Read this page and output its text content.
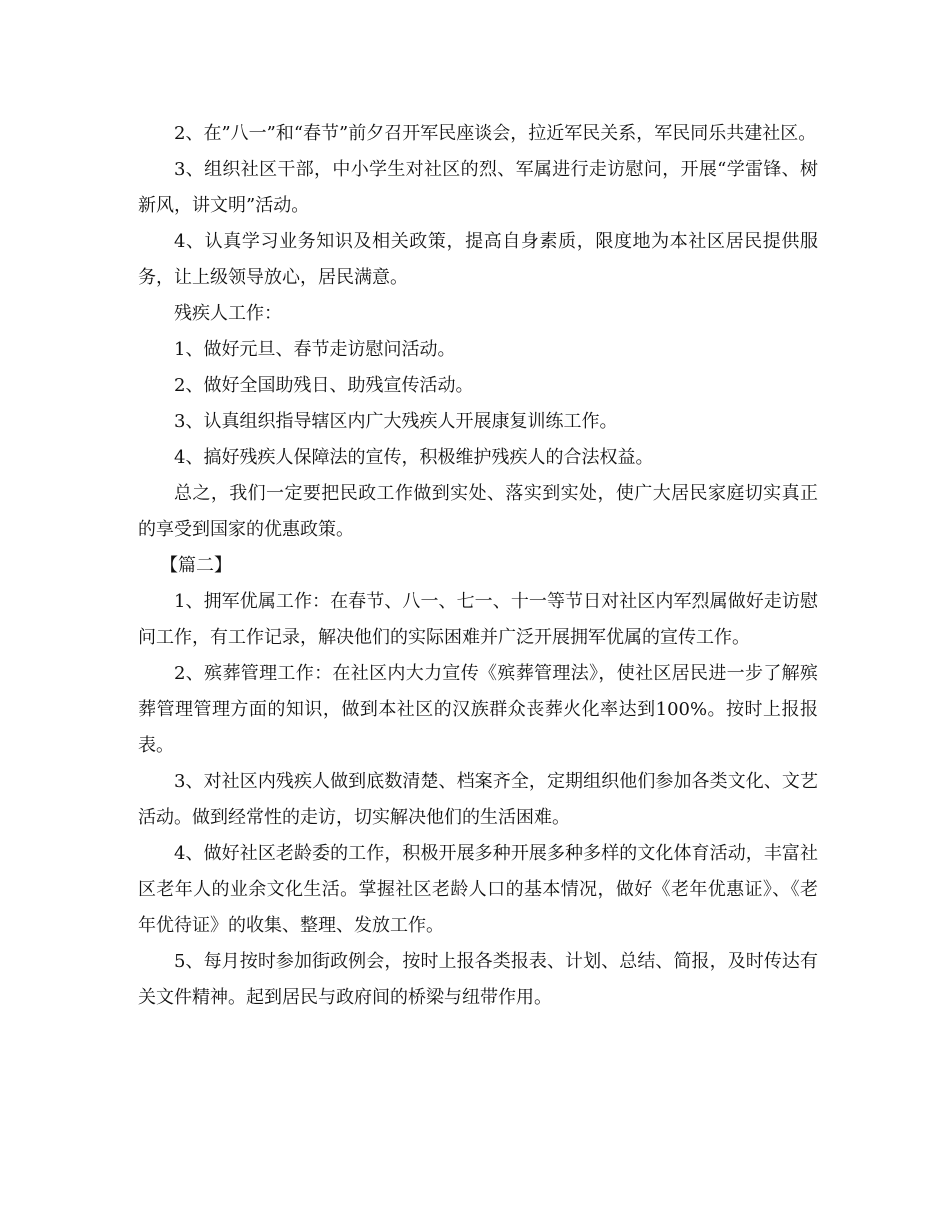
2、在”八一”和“春节”前夕召开军民座谈会，拉近军民关系，军民同乐共建社区。

3、组织社区干部，中小学生对社区的烈、军属进行走访慰问，开展“学雷锋、树新风，讲文明”活动。

4、认真学习业务知识及相关政策，提高自身素质，限度地为本社区居民提供服务，让上级领导放心，居民满意。

残疾人工作：

1、做好元旦、春节走访慰问活动。

2、做好全国助残日、助残宣传活动。

3、认真组织指导辖区内广大残疾人开展康复训练工作。

4、搞好残疾人保障法的宣传，积极维护残疾人的合法权益。

总之，我们一定要把民政工作做到实处、落实到实处，使广大居民家庭切实真正的享受到国家的优惠政策。

【篇二】

1、拥军优属工作：在春节、八一、七一、十一等节日对社区内军烈属做好走访慰问工作，有工作记录，解决他们的实际困难并广泛开展拥军优属的宣传工作。

2、殡葬管理工作：在社区内大力宣传《殡葬管理法》，使社区居民进一步了解殡葬管理管理方面的知识，做到本社区的汉族群众丧葬火化率达到100%。按时上报报表。

3、对社区内残疾人做到底数清楚、档案齐全，定期组织他们参加各类文化、文艺活动。做到经常性的走访，切实解决他们的生活困难。

4、做好社区老龄委的工作，积极开展多种开展多种多样的文化体育活动，丰富社区老年人的业余文化生活。掌握社区老龄人口的基本情况，做好《老年优惠证》、《老年优待证》的收集、整理、发放工作。

5、每月按时参加街政例会，按时上报各类报表、计划、总结、简报，及时传达有关文件精神。起到居民与政府间的桥梁与纽带作用。
